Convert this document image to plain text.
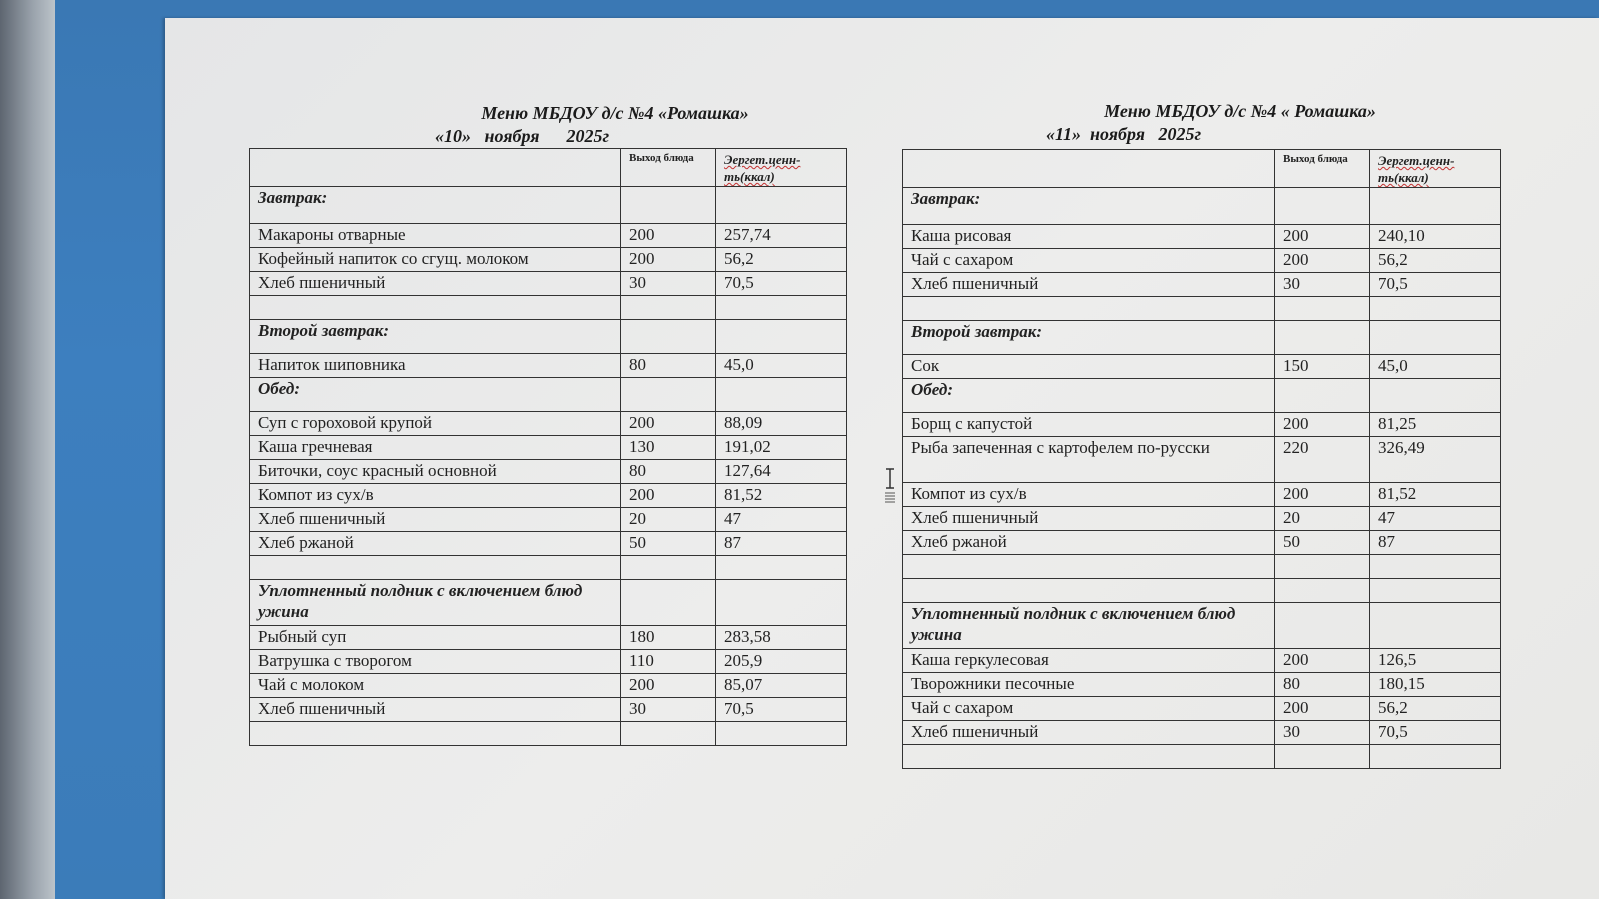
Меню МБДОУ д/с №4 «Ромашка»
«10»   ноября      2025г
	Выход блюда	Эергет.ценн-ть(ккал)
Завтрак:		
Макароны отварные	200	257,74
Кофейный напиток со сгущ. молоком	200	56,2
Хлеб пшеничный	30	70,5

Второй завтрак:		
Напиток шиповника	80	45,0
Обед:		
Суп с гороховой крупой	200	88,09
Каша гречневая	130	191,02
Биточки, соус красный основной	80	127,64
Компот из сух/в	200	81,52
Хлеб пшеничный	20	47
Хлеб ржаной	50	87

Уплотненный полдник с включением блюд ужина		
Рыбный суп	180	283,58
Ватрушка с творогом	110	205,9
Чай с молоком	200	85,07
Хлеб пшеничный	30	70,5

Меню МБДОУ д/с №4 « Ромашка»
«11»  ноября   2025г
	Выход блюда	Эергет.ценн-ть(ккал)
Завтрак:		
Каша рисовая	200	240,10
Чай с сахаром	200	56,2
Хлеб пшеничный	30	70,5

Второй завтрак:		
Сок	150	45,0
Обед:		
Борщ с капустой	200	81,25
Рыба запеченная с картофелем по-русски	220	326,49
Компот из сух/в	200	81,52
Хлеб пшеничный	20	47
Хлеб ржаной	50	87

Уплотненный полдник с включением блюд ужина		
Каша геркулесовая	200	126,5
Творожники песочные	80	180,15
Чай с сахаром	200	56,2
Хлеб пшеничный	30	70,5
